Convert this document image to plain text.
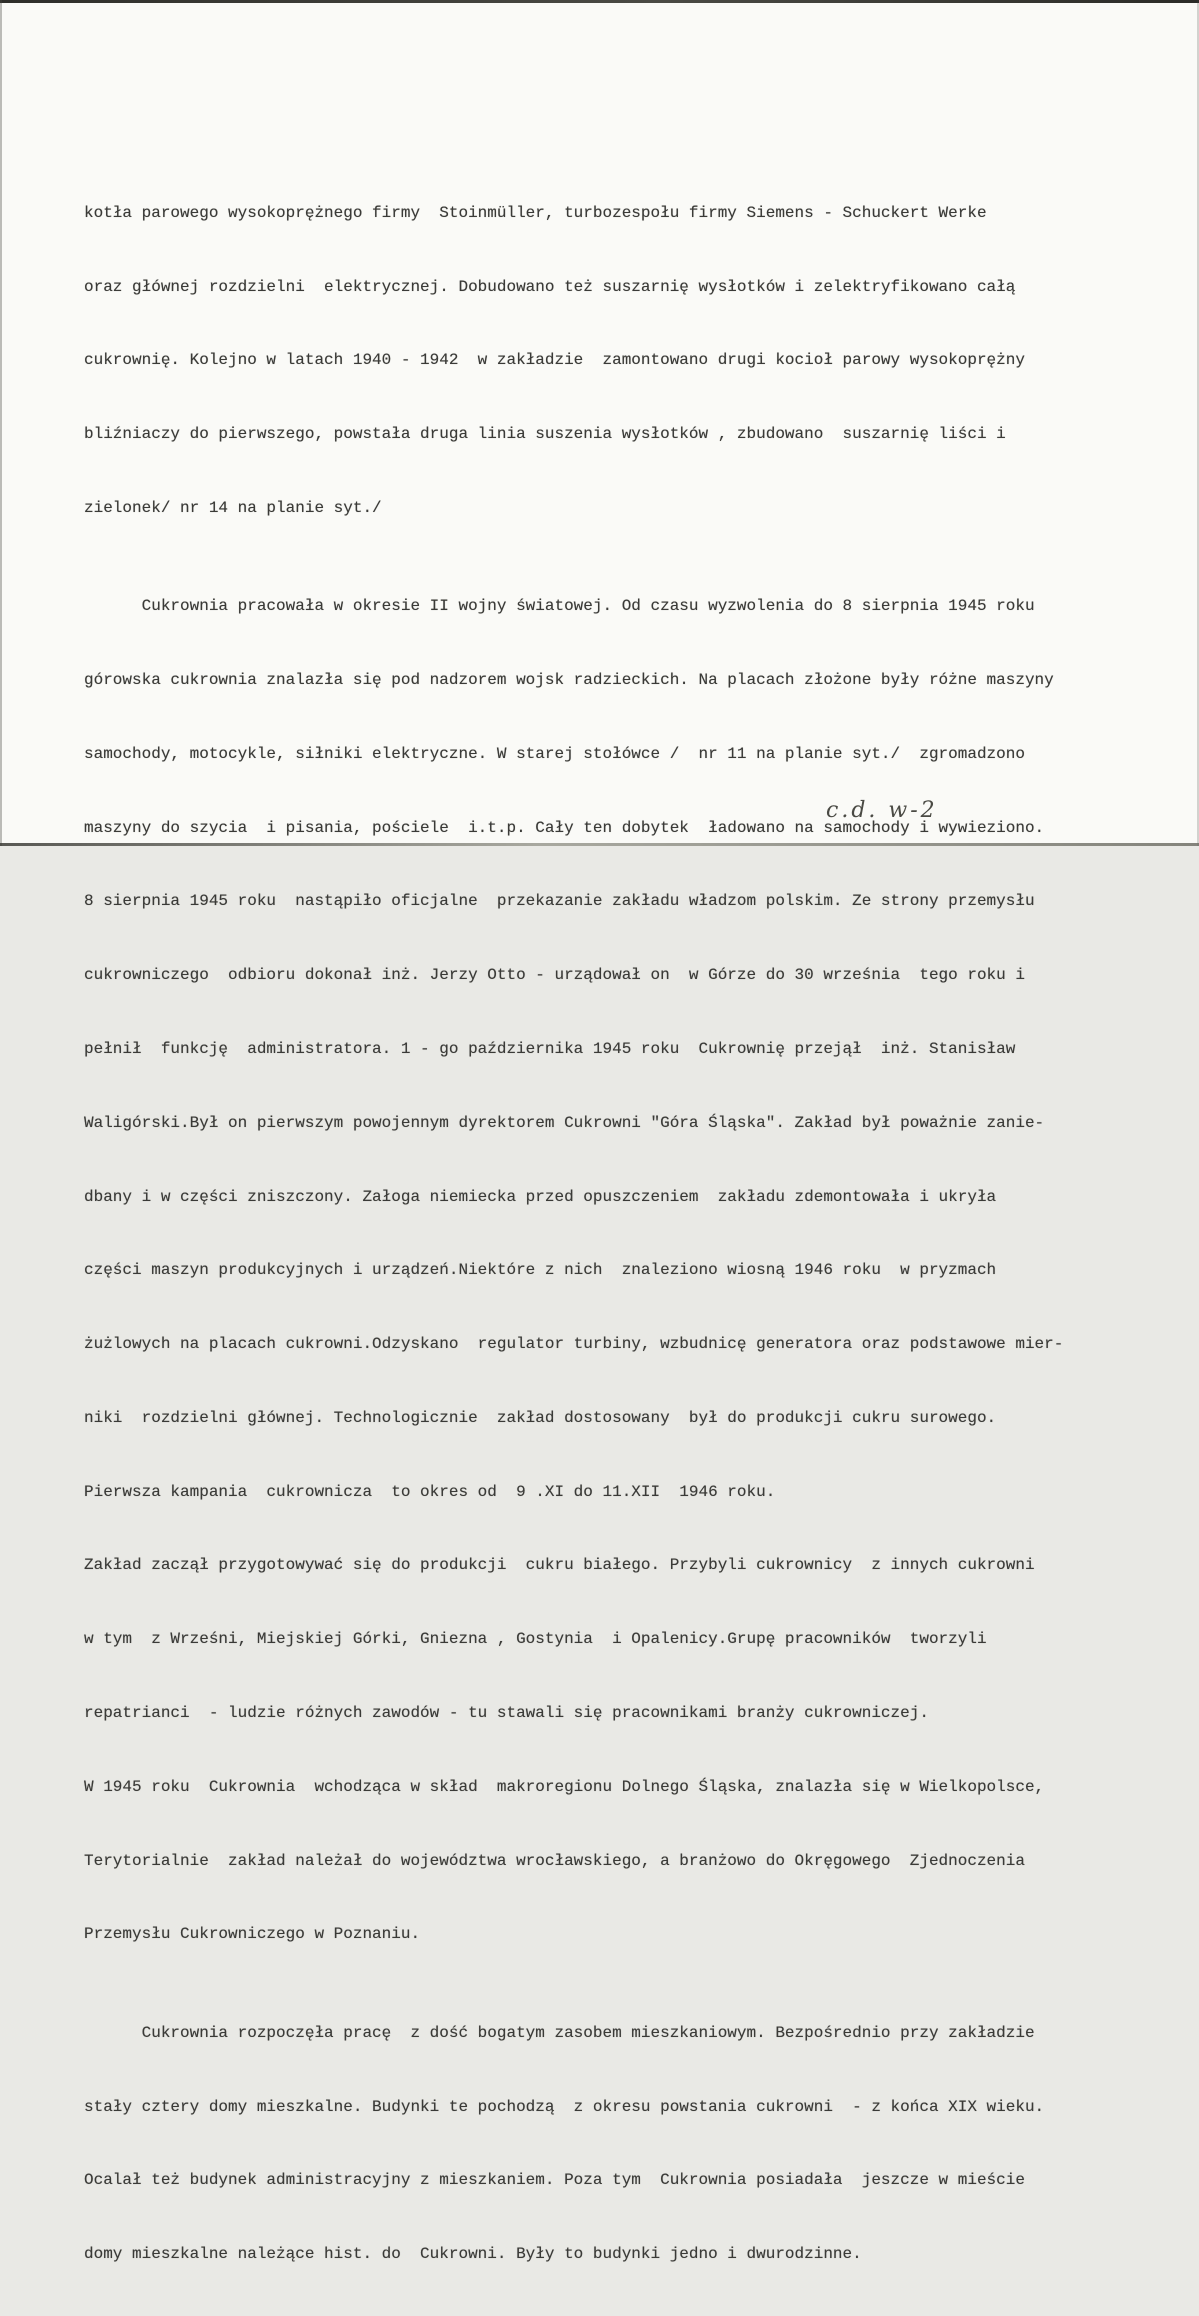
kotła parowego wysokoprężnego firmy  Stoinmüller, turbozespołu firmy Siemens - Schuckert Werke

oraz głównej rozdzielni  elektrycznej. Dobudowano też suszarnię wysłotków i zelektryfikowano całą

cukrownię. Kolejno w latach 1940 - 1942  w zakładzie  zamontowano drugi kocioł parowy wysokoprężny

bliźniaczy do pierwszego, powstała druga linia suszenia wysłotków , zbudowano  suszarnię liści i

zielonek/ nr 14 na planie syt./

Cukrownia pracowała w okresie II wojny światowej. Od czasu wyzwolenia do 8 sierpnia 1945 roku

górowska cukrownia znalazła się pod nadzorem wojsk radzieckich. Na placach złożone były różne maszyny

samochody, motocykle, siłniki elektryczne. W starej stołówce /  nr 11 na planie syt./  zgromadzono

maszyny do szycia  i pisania, pościele  i.t.p. Cały ten dobytek  ładowano na samochody i wywieziono.

8 sierpnia 1945 roku  nastąpiło oficjalne  przekazanie zakładu władzom polskim. Ze strony przemysłu

cukrowniczego  odbioru dokonał inż. Jerzy Otto - urządował on  w Górze do 30 września  tego roku i

pełnił  funkcję  administratora. 1 - go października 1945 roku  Cukrownię przejął  inż. Stanisław

Waligórski.Był on pierwszym powojennym dyrektorem Cukrowni "Góra Śląska". Zakład był poważnie zanie-

dbany i w części zniszczony. Załoga niemiecka przed opuszczeniem  zakładu zdemontowała i ukryła

części maszyn produkcyjnych i urządzeń.Niektóre z nich  znaleziono wiosną 1946 roku  w pryzmach

żużlowych na placach cukrowni.Odzyskano  regulator turbiny, wzbudnicę generatora oraz podstawowe mier-

niki  rozdzielni głównej. Technologicznie  zakład dostosowany  był do produkcji cukru surowego.

Pierwsza kampania  cukrownicza  to okres od  9 .XI do 11.XII  1946 roku.

Zakład zaczął przygotowywać się do produkcji  cukru białego. Przybyli cukrownicy  z innych cukrowni

w tym  z Wrześni, Miejskiej Górki, Gniezna , Gostynia  i Opalenicy.Grupę pracowników  tworzyli

repatrianci  - ludzie różnych zawodów - tu stawali się pracownikami branży cukrowniczej.

W 1945 roku  Cukrownia  wchodząca w skład  makroregionu Dolnego Śląska, znalazła się w Wielkopolsce,

Terytorialnie  zakład należał do województwa wrocławskiego, a branżowo do Okręgowego  Zjednoczenia

Przemysłu Cukrowniczego w Poznaniu.

Cukrownia rozpoczęła pracę  z dość bogatym zasobem mieszkaniowym. Bezpośrednio przy zakładzie

stały cztery domy mieszkalne. Budynki te pochodzą  z okresu powstania cukrowni  - z końca XIX wieku.

Ocalał też budynek administracyjny z mieszkaniem. Poza tym  Cukrownia posiadała  jeszcze w mieście

domy mieszkalne należące hist. do  Cukrowni. Były to budynki jedno i dwurodzinne.

c.d. w-2
